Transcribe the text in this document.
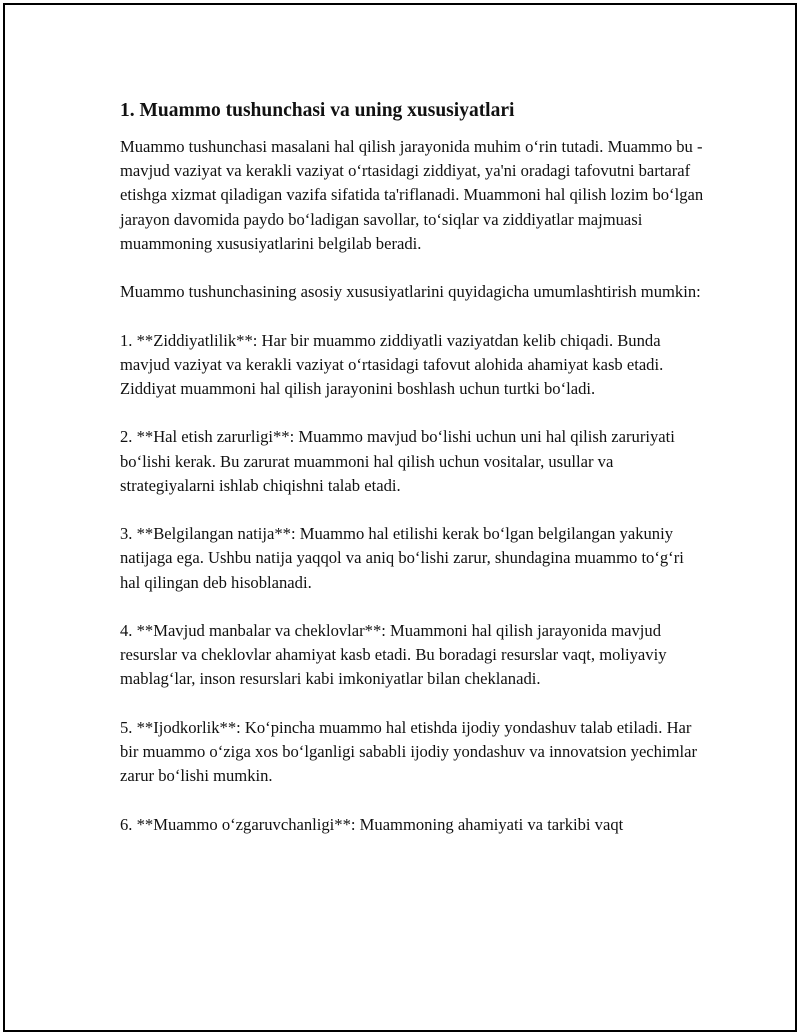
1. Muammo tushunchasi va uning xususiyatlari

Muammo tushunchasi masalani hal qilish jarayonida muhim o‘rin tutadi. Muammo bu - mavjud vaziyat va kerakli vaziyat o‘rtasidagi ziddiyat, ya'ni oradagi tafovutni bartaraf etishga xizmat qiladigan vazifa sifatida ta'riflanadi. Muammoni hal qilish lozim bo‘lgan jarayon davomida paydo bo‘ladigan savollar, to‘siqlar va ziddiyatlar majmuasi muammoning xususiyatlarini belgilab beradi.

Muammo tushunchasining asosiy xususiyatlarini quyidagicha umumlashtirish mumkin:

1. **Ziddiyatlilik**: Har bir muammo ziddiyatli vaziyatdan kelib chiqadi. Bunda mavjud vaziyat va kerakli vaziyat o‘rtasidagi tafovut alohida ahamiyat kasb etadi. Ziddiyat muammoni hal qilish jarayonini boshlash uchun turtki bo‘ladi.

2. **Hal etish zarurligi**: Muammo mavjud bo‘lishi uchun uni hal qilish zaruriyati bo‘lishi kerak. Bu zarurat muammoni hal qilish uchun vositalar, usullar va strategiyalarni ishlab chiqishni talab etadi.

3. **Belgilangan natija**: Muammo hal etilishi kerak bo‘lgan belgilangan yakuniy natijaga ega. Ushbu natija yaqqol va aniq bo‘lishi zarur, shundagina muammo to‘g‘ri hal qilingan deb hisoblanadi.

4. **Mavjud manbalar va cheklovlar**: Muammoni hal qilish jarayonida mavjud resurslar va cheklovlar ahamiyat kasb etadi. Bu boradagi resurslar vaqt, moliyaviy mablag‘lar, inson resurslari kabi imkoniyatlar bilan cheklanadi.

5. **Ijodkorlik**: Ko‘pincha muammo hal etishda ijodiy yondashuv talab etiladi. Har bir muammo o‘ziga xos bo‘lganligi sababli ijodiy yondashuv va innovatsion yechimlar zarur bo‘lishi mumkin.

6. **Muammo o‘zgaruvchanligi**: Muammoning ahamiyati va tarkibi vaqt
